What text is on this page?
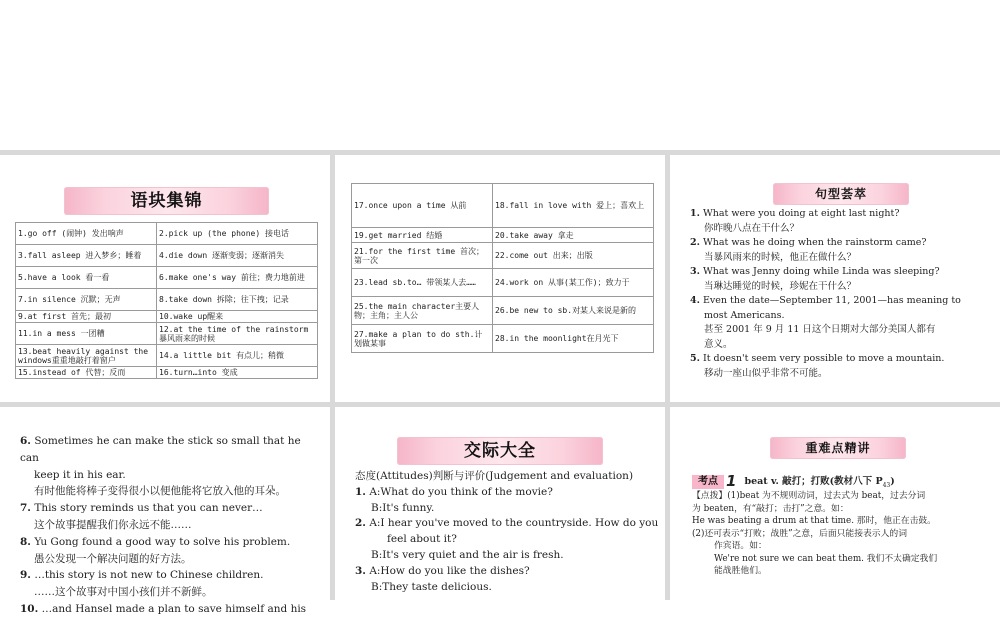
语块集锦
1.go off (闹钟) 发出响声	2.pick up (the phone) 接电话
3.fall asleep 进入梦乡；睡着	4.die down 逐渐变弱；逐渐消失
5.have a look 看一看	6.make one's way 前往；费力地前进
7.in silence 沉默；无声	8.take down 拆除；往下拽；记录
9.at first 首先；最初	10.wake up醒来
11.in a mess 一团糟	12.at the time of the rainstorm暴风雨来的时候
13.beat heavily against the windows重重地敲打着窗户	14.a little bit 有点儿；稍微
15.instead of 代替；反而	16.turn…into 变成
17.once upon a time 从前	18.fall in love with 爱上；喜欢上
19.get married 结婚	20.take away 拿走
21.for the first time 首次；第一次	22.come out 出来；出版
23.lead sb.to… 带领某人去……	24.work on 从事(某工作)；致力于
25.the main character主要人物；主角；主人公	26.be new to sb.对某人来说是新的
27.make a plan to do sth.计划做某事	28.in the moonlight在月光下
句型荟萃

1. What were you doing at eight last night?

你昨晚八点在干什么？

2. What was he doing when the rainstorm came?

当暴风雨来的时候，他正在做什么？

3. What was Jenny doing while Linda was sleeping?

当琳达睡觉的时候，珍妮在干什么？

4. Even the date—September 11, 2001—has meaning to

most Americans.

甚至 2001 年 9 月 11 日这个日期对大部分美国人都有

意义。

5. It doesn't seem very possible to move a mountain.

移动一座山似乎非常不可能。

6. Sometimes he can make the stick so small that he can

keep it in his ear.

有时他能将棒子变得很小以便他能将它放入他的耳朵。

7. This story reminds us that you can never…

这个故事提醒我们你永远不能……

8. Yu Gong found a good way to solve his problem.

愚公发现一个解决问题的好方法。

9. …this story is not new to Chinese children.

……这个故事对中国小孩们并不新鲜。

10. …and Hansel made a plan to save himself and his

交际大全

态度(Attitudes)判断与评价(Judgement and evaluation)

1. A:What do you think of the movie?

B:It's funny.

2. A:I hear you've moved to the countryside. How do you

feel about it?

B:It's very quiet and the air is fresh.

3. A:How do you like the dishes?

B:They taste delicious.

重难点精讲
考点 1 beat v. 敲打；打败(教材八下 $P_{43}$)

【点拨】(1)beat 为不规则动词，过去式为 beat，过去分词

为 beaten，有“敲打；击打”之意。如：

He was beating a drum at that time. 那时，他正在击鼓。

(2)还可表示“打败；战胜”之意，后面只能接表示人的词

作宾语。如：

We're not sure we can beat them. 我们不太确定我们

能战胜他们。
